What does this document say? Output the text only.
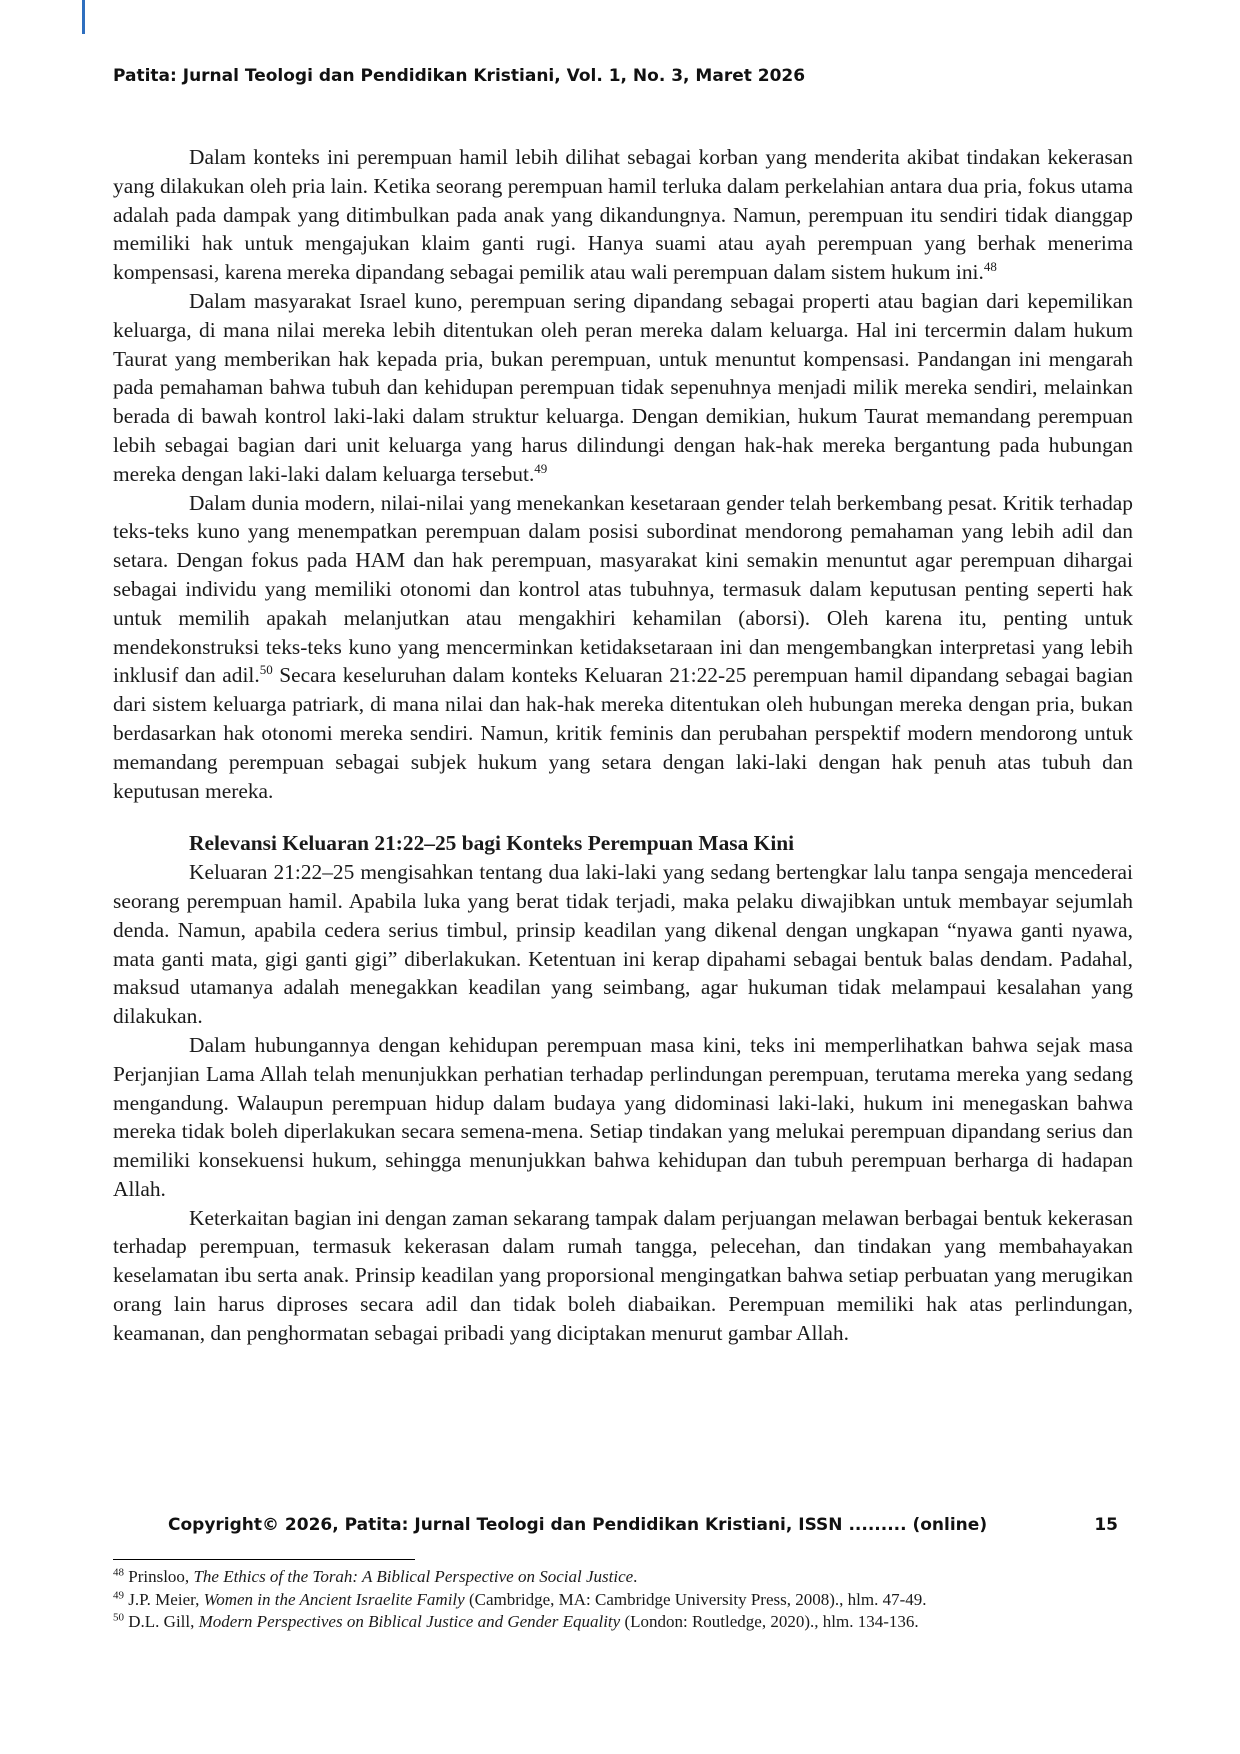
Patita: Jurnal Teologi dan Pendidikan Kristiani, Vol. 1, No. 3, Maret 2026

Dalam konteks ini perempuan hamil lebih dilihat sebagai korban yang menderita akibat tindakan kekerasan yang dilakukan oleh pria lain. Ketika seorang perempuan hamil terluka dalam perkelahian antara dua pria, fokus utama adalah pada dampak yang ditimbulkan pada anak yang dikandungnya. Namun, perempuan itu sendiri tidak dianggap memiliki hak untuk mengajukan klaim ganti rugi. Hanya suami atau ayah perempuan yang berhak menerima kompensasi, karena mereka dipandang sebagai pemilik atau wali perempuan dalam sistem hukum ini.$^{48}$

Dalam masyarakat Israel kuno, perempuan sering dipandang sebagai properti atau bagian dari kepemilikan keluarga, di mana nilai mereka lebih ditentukan oleh peran mereka dalam keluarga. Hal ini tercermin dalam hukum Taurat yang memberikan hak kepada pria, bukan perempuan, untuk menuntut kompensasi. Pandangan ini mengarah pada pemahaman bahwa tubuh dan kehidupan perempuan tidak sepenuhnya menjadi milik mereka sendiri, melainkan berada di bawah kontrol laki-laki dalam struktur keluarga. Dengan demikian, hukum Taurat memandang perempuan lebih sebagai bagian dari unit keluarga yang harus dilindungi dengan hak-hak mereka bergantung pada hubungan mereka dengan laki-laki dalam keluarga tersebut.$^{49}$

Dalam dunia modern, nilai-nilai yang menekankan kesetaraan gender telah berkembang pesat. Kritik terhadap teks-teks kuno yang menempatkan perempuan dalam posisi subordinat mendorong pemahaman yang lebih adil dan setara. Dengan fokus pada HAM dan hak perempuan, masyarakat kini semakin menuntut agar perempuan dihargai sebagai individu yang memiliki otonomi dan kontrol atas tubuhnya, termasuk dalam keputusan penting seperti hak untuk memilih apakah melanjutkan atau mengakhiri kehamilan (aborsi). Oleh karena itu, penting untuk mendekonstruksi teks-teks kuno yang mencerminkan ketidaksetaraan ini dan mengembangkan interpretasi yang lebih inklusif dan adil.$^{50}$ Secara keseluruhan dalam konteks Keluaran 21:22-25 perempuan hamil dipandang sebagai bagian dari sistem keluarga patriark, di mana nilai dan hak-hak mereka ditentukan oleh hubungan mereka dengan pria, bukan berdasarkan hak otonomi mereka sendiri. Namun, kritik feminis dan perubahan perspektif modern mendorong untuk memandang perempuan sebagai subjek hukum yang setara dengan laki-laki dengan hak penuh atas tubuh dan keputusan mereka.

Relevansi Keluaran 21:22–25 bagi Konteks Perempuan Masa Kini

Keluaran 21:22–25 mengisahkan tentang dua laki-laki yang sedang bertengkar lalu tanpa sengaja mencederai seorang perempuan hamil. Apabila luka yang berat tidak terjadi, maka pelaku diwajibkan untuk membayar sejumlah denda. Namun, apabila cedera serius timbul, prinsip keadilan yang dikenal dengan ungkapan “nyawa ganti nyawa, mata ganti mata, gigi ganti gigi” diberlakukan. Ketentuan ini kerap dipahami sebagai bentuk balas dendam. Padahal, maksud utamanya adalah menegakkan keadilan yang seimbang, agar hukuman tidak melampaui kesalahan yang dilakukan.

Dalam hubungannya dengan kehidupan perempuan masa kini, teks ini memperlihatkan bahwa sejak masa Perjanjian Lama Allah telah menunjukkan perhatian terhadap perlindungan perempuan, terutama mereka yang sedang mengandung. Walaupun perempuan hidup dalam budaya yang didominasi laki-laki, hukum ini menegaskan bahwa mereka tidak boleh diperlakukan secara semena-mena. Setiap tindakan yang melukai perempuan dipandang serius dan memiliki konsekuensi hukum, sehingga menunjukkan bahwa kehidupan dan tubuh perempuan berharga di hadapan Allah.

Keterkaitan bagian ini dengan zaman sekarang tampak dalam perjuangan melawan berbagai bentuk kekerasan terhadap perempuan, termasuk kekerasan dalam rumah tangga, pelecehan, dan tindakan yang membahayakan keselamatan ibu serta anak. Prinsip keadilan yang proporsional mengingatkan bahwa setiap perbuatan yang merugikan orang lain harus diproses secara adil dan tidak boleh diabaikan. Perempuan memiliki hak atas perlindungan, keamanan, dan penghormatan sebagai pribadi yang diciptakan menurut gambar Allah.

Copyright© 2026, Patita: Jurnal Teologi dan Pendidikan Kristiani, ISSN ......... (online)	15

$^{48}$ Prinsloo, The Ethics of the Torah: A Biblical Perspective on Social Justice.

$^{49}$ J.P. Meier, Women in the Ancient Israelite Family (Cambridge, MA: Cambridge University Press, 2008)., hlm. 47-49.

$^{50}$ D.L. Gill, Modern Perspectives on Biblical Justice and Gender Equality (London: Routledge, 2020)., hlm. 134-136.
